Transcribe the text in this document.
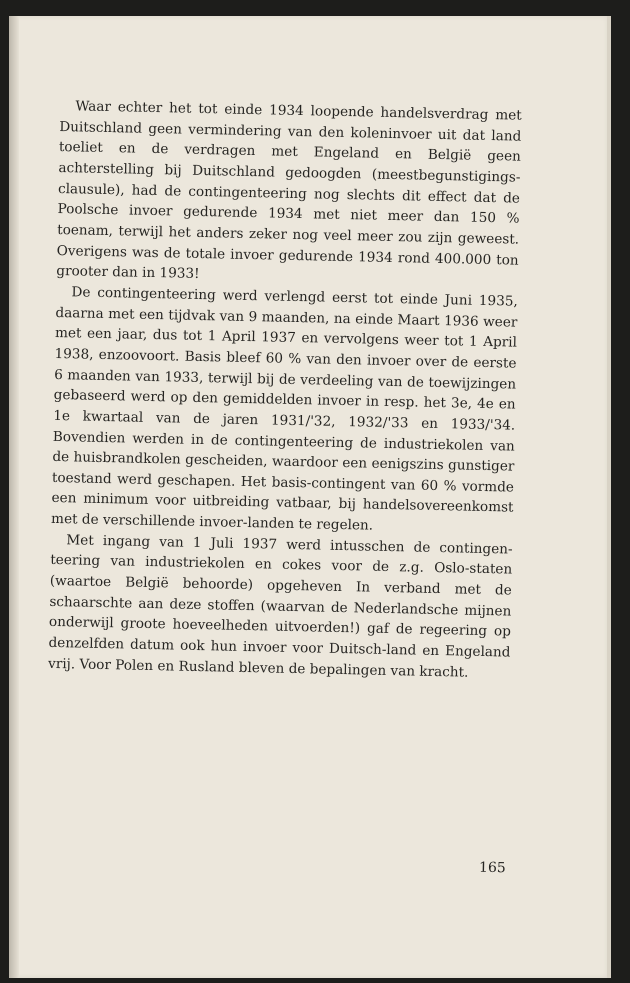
Waar echter het tot einde 1934 loopende handelsverdrag met Duitschland geen vermindering van den koleninvoer uit dat land toeliet en de verdragen met Engeland en België geen achterstelling bij Duitschland gedoogden (meestbegunstigings-clausule), had de contingenteering nog slechts dit effect dat de Poolsche invoer gedurende 1934 met niet meer dan 150 % toenam, terwijl het anders zeker nog veel meer zou zijn geweest. Overigens was de totale invoer gedurende 1934 rond 400.000 ton grooter dan in 1933!

De contingenteering werd verlengd eerst tot einde Juni 1935, daarna met een tijdvak van 9 maanden, na einde Maart 1936 weer met een jaar, dus tot 1 April 1937 en vervolgens weer tot 1 April 1938, enzoovoort. Basis bleef 60 % van den invoer over de eerste 6 maanden van 1933, terwijl bij de verdeeling van de toewijzingen gebaseerd werd op den gemiddelden invoer in resp. het 3e, 4e en 1e kwartaal van de jaren 1931/'32, 1932/'33 en 1933/'34. Bovendien werden in de contingenteering de industriekolen van de huisbrandkolen gescheiden, waardoor een eenigszins gunstiger toestand werd geschapen. Het basis-contingent van 60 % vormde een minimum voor uitbreiding vatbaar, bij handelsovereenkomst met de verschillende invoer-landen te regelen.

Met ingang van 1 Juli 1937 werd intusschen de contingen-teering van industriekolen en cokes voor de z.g. Oslo-staten (waartoe België behoorde) opgeheven In verband met de schaarschte aan deze stoffen (waarvan de Nederlandsche mijnen onderwijl groote hoeveelheden uitvoerden!) gaf de regeering op denzelfden datum ook hun invoer voor Duitsch-land en Engeland vrij. Voor Polen en Rusland bleven de bepalingen van kracht.

165
